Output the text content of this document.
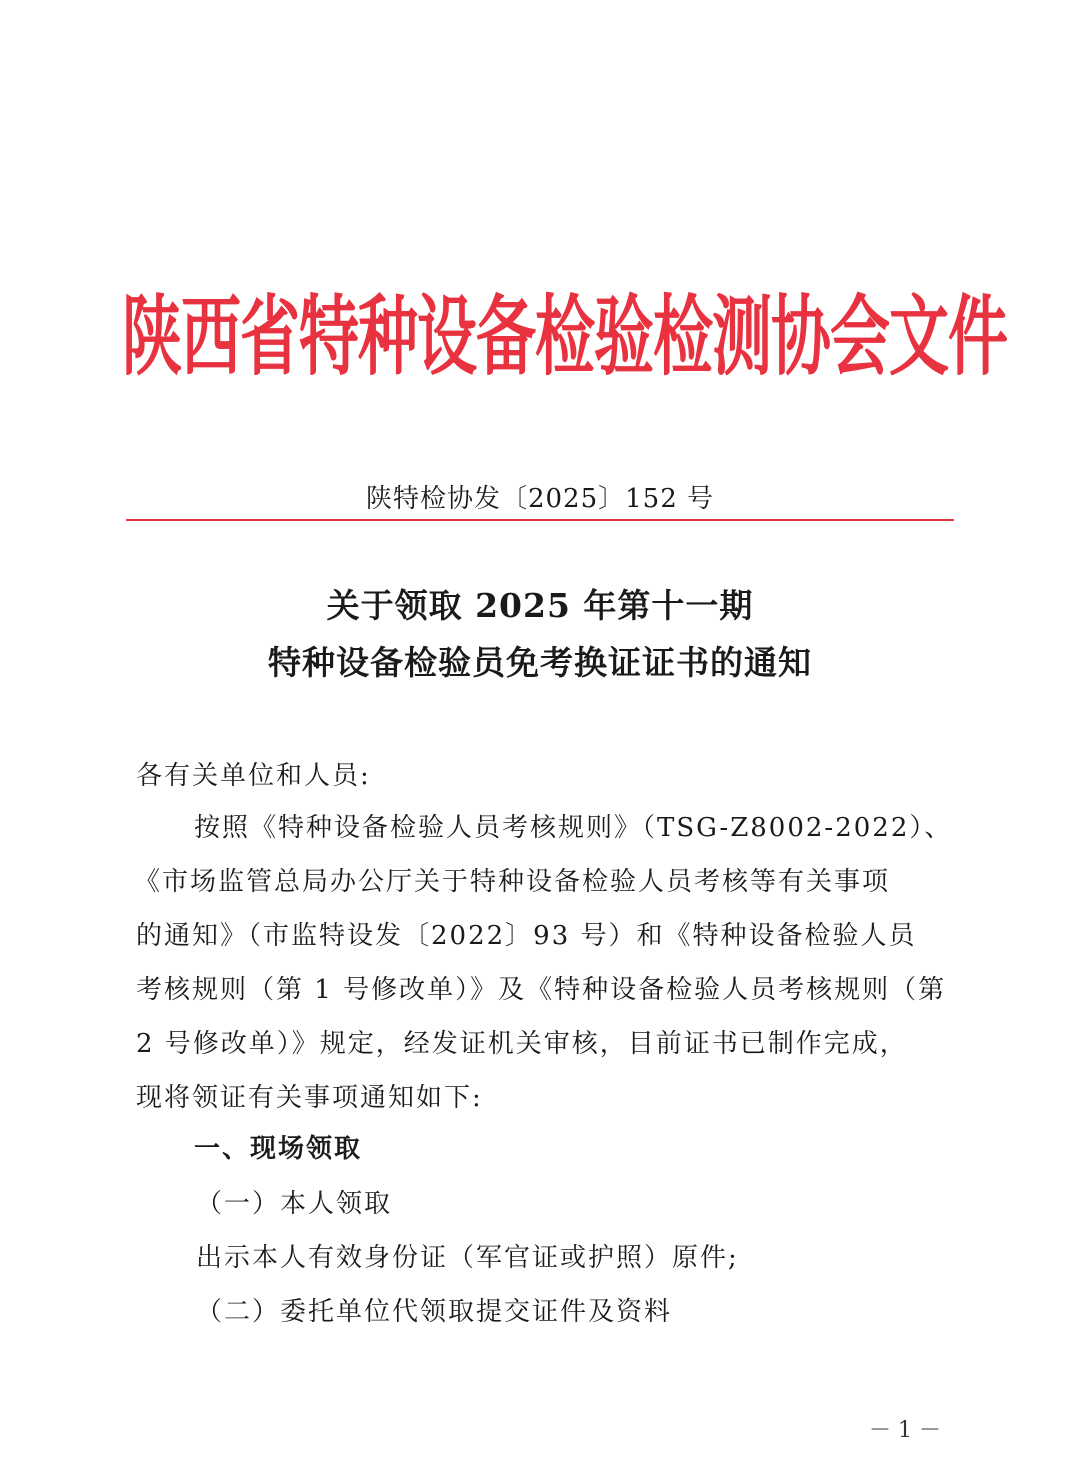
陕西省特种设备检验检测协会文件
陕特检协发〔2025〕152 号
关于领取 2025 年第十一期
特种设备检验员免考换证证书的通知
各有关单位和人员:
按照《特种设备检验人员考核规则》（TSG-Z8002-2022）、
《市场监管总局办公厅关于特种设备检验人员考核等有关事项
的通知》（市监特设发〔2022〕93 号）和《特种设备检验人员
考核规则（第 1 号修改单）》及《特种设备检验人员考核规则（第
2 号修改单）》规定，经发证机关审核，目前证书已制作完成，
现将领证有关事项通知如下:
一、现场领取
（一）本人领取
出示本人有效身份证（军官证或护照）原件;
（二）委托单位代领取提交证件及资料
－ 1 －
